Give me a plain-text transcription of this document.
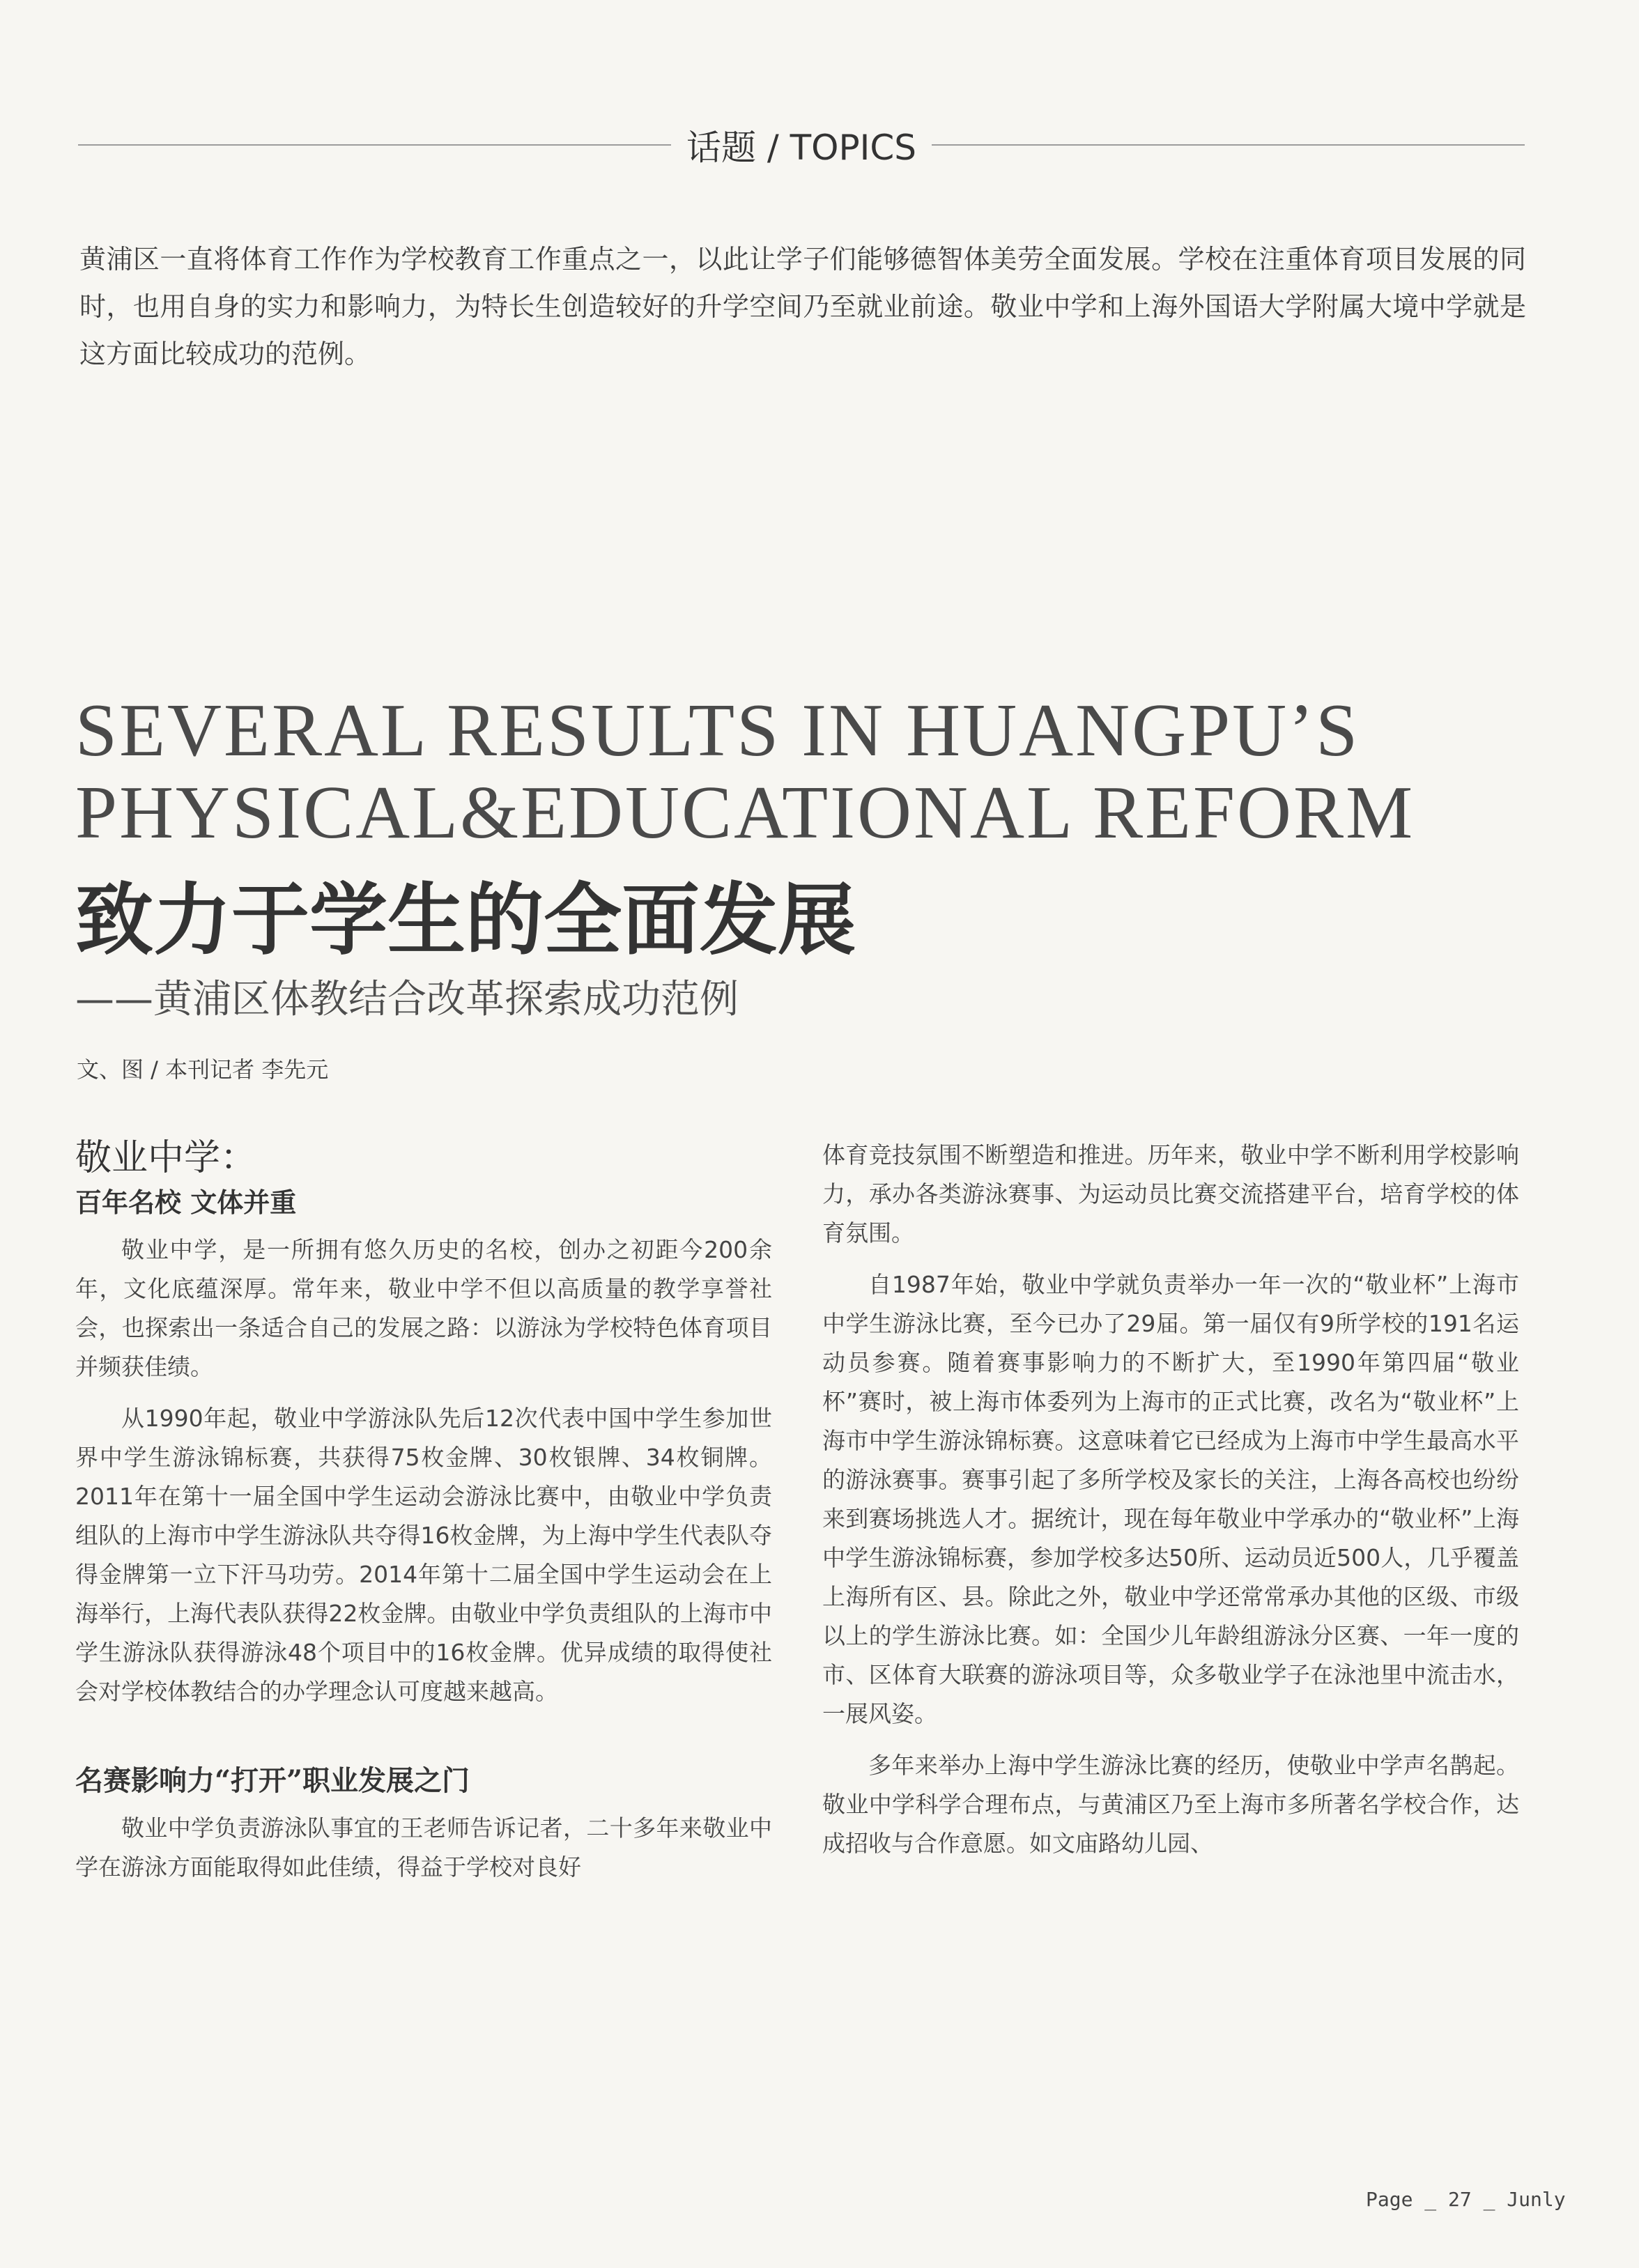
话题 / TOPICS

黄浦区一直将体育工作作为学校教育工作重点之一，以此让学子们能够德智体美劳全面发展。学校在注重体育项目发展的同时，也用自身的实力和影响力，为特长生创造较好的升学空间乃至就业前途。敬业中学和上海外国语大学附属大境中学就是这方面比较成功的范例。

SEVERAL RESULTS IN HUANGPU’S
PHYSICAL&EDUCATIONAL REFORM
致力于学生的全面发展
——黄浦区体教结合改革探索成功范例
文、图 / 本刊记者 李先元
敬业中学：
百年名校 文体并重

敬业中学，是一所拥有悠久历史的名校，创办之初距今200余年，文化底蕴深厚。常年来，敬业中学不但以高质量的教学享誉社会，也探索出一条适合自己的发展之路：以游泳为学校特色体育项目并频获佳绩。

从1990年起，敬业中学游泳队先后12次代表中国中学生参加世界中学生游泳锦标赛，共获得75枚金牌、30枚银牌、34枚铜牌。2011年在第十一届全国中学生运动会游泳比赛中，由敬业中学负责组队的上海市中学生游泳队共夺得16枚金牌，为上海中学生代表队夺得金牌第一立下汗马功劳。2014年第十二届全国中学生运动会在上海举行，上海代表队获得22枚金牌。由敬业中学负责组队的上海市中学生游泳队获得游泳48个项目中的16枚金牌。优异成绩的取得使社会对学校体教结合的办学理念认可度越来越高。

名赛影响力“打开”职业发展之门

敬业中学负责游泳队事宜的王老师告诉记者，二十多年来敬业中学在游泳方面能取得如此佳绩，得益于学校对良好

体育竞技氛围不断塑造和推进。历年来，敬业中学不断利用学校影响力，承办各类游泳赛事、为运动员比赛交流搭建平台，培育学校的体育氛围。

自1987年始，敬业中学就负责举办一年一次的“敬业杯”上海市中学生游泳比赛，至今已办了29届。第一届仅有9所学校的191名运动员参赛。随着赛事影响力的不断扩大，至1990年第四届“敬业杯”赛时，被上海市体委列为上海市的正式比赛，改名为“敬业杯”上海市中学生游泳锦标赛。这意味着它已经成为上海市中学生最高水平的游泳赛事。赛事引起了多所学校及家长的关注，上海各高校也纷纷来到赛场挑选人才。据统计，现在每年敬业中学承办的“敬业杯”上海中学生游泳锦标赛，参加学校多达50所、运动员近500人，几乎覆盖上海所有区、县。除此之外，敬业中学还常常承办其他的区级、市级以上的学生游泳比赛。如：全国少儿年龄组游泳分区赛、一年一度的市、区体育大联赛的游泳项目等，众多敬业学子在泳池里中流击水，一展风姿。

多年来举办上海中学生游泳比赛的经历，使敬业中学声名鹊起。敬业中学科学合理布点，与黄浦区乃至上海市多所著名学校合作，达成招收与合作意愿。如文庙路幼儿园、

Page _ 27 _ Junly
